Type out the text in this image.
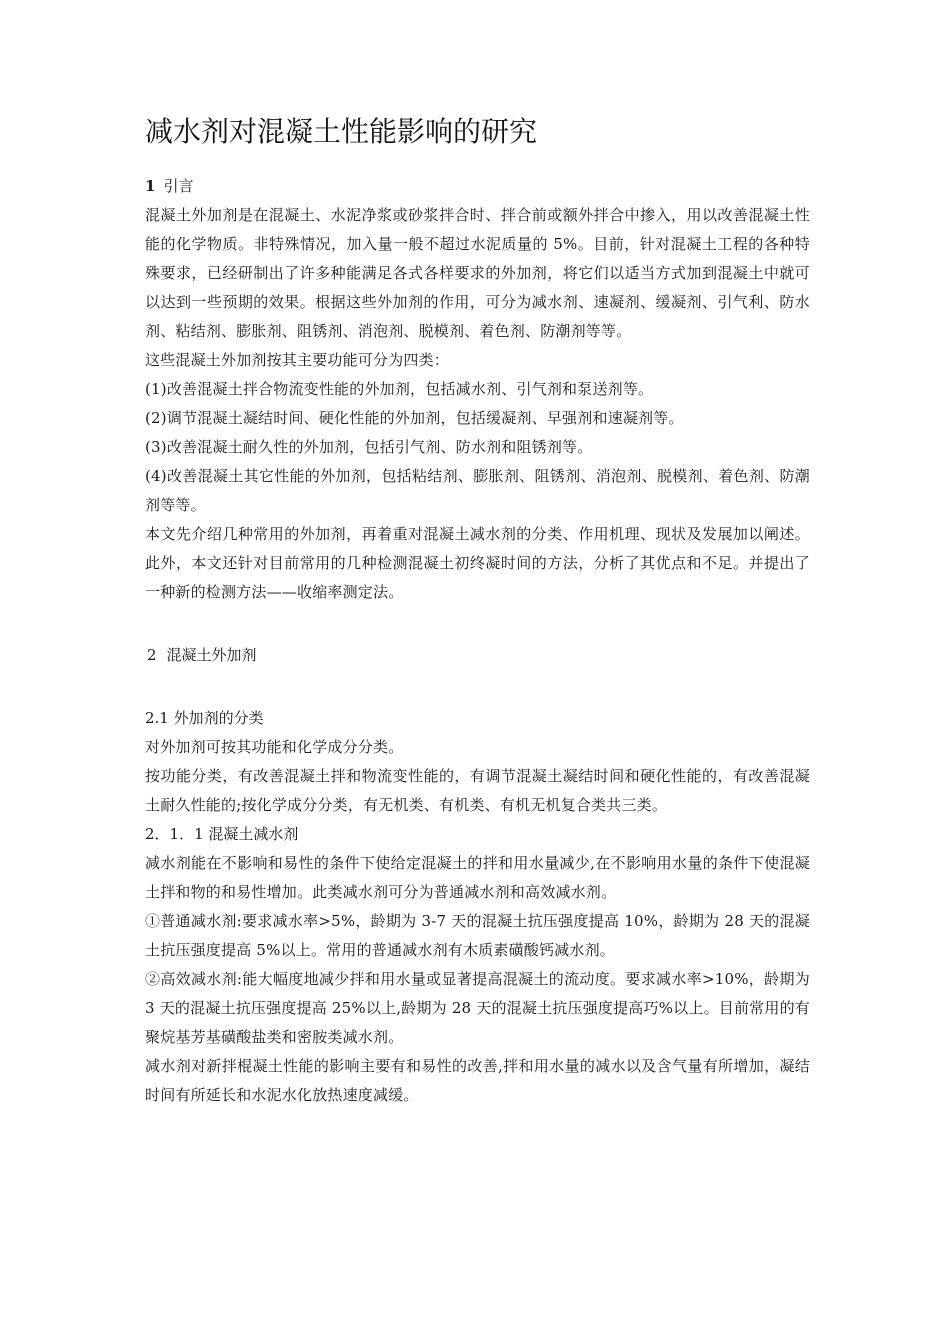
减水剂对混凝土性能影响的研究
1 引言

混凝土外加剂是在混凝土、水泥净浆或砂浆拌合时、拌合前或额外拌合中掺入，用以改善混凝土性能的化学物质。非特殊情况，加入量一般不超过水泥质量的 5%。目前，针对混凝土工程的各种特殊要求，已经研制出了许多种能满足各式各样要求的外加剂，将它们以适当方式加到混凝土中就可以达到一些预期的效果。根据这些外加剂的作用，可分为减水剂、速凝剂、缓凝剂、引气利、防水剂、粘结剂、膨胀剂、阻锈剂、消泡剂、脱模剂、着色剂、防潮剂等等。

这些混凝土外加剂按其主要功能可分为四类：

(1)改善混凝土拌合物流变性能的外加剂，包括减水剂、引气剂和泵送剂等。

(2)调节混凝土凝结时间、硬化性能的外加剂，包括缓凝剂、早强剂和速凝剂等。

(3)改善混凝土耐久性的外加剂，包括引气剂、防水剂和阻锈剂等。

(4)改善混凝土其它性能的外加剂，包括粘结剂、膨胀剂、阻锈剂、消泡剂、脱模剂、着色剂、防潮剂等等。

本文先介绍几种常用的外加剂，再着重对混凝土减水剂的分类、作用机理、现状及发展加以阐述。此外，本文还针对目前常用的几种检测混凝土初终凝时间的方法，分析了其优点和不足。并提出了一种新的检测方法——收缩率测定法。

2 混凝土外加剂
2.1 外加剂的分类

对外加剂可按其功能和化学成分分类。

按功能分类，有改善混凝土拌和物流变性能的，有调节混凝土凝结时间和硬化性能的，有改善混凝土耐久性能的;按化学成分分类，有无机类、有机类、有机无机复合类共三类。

2．1．1 混凝土减水剂

减水剂能在不影响和易性的条件下使给定混凝土的拌和用水量减少,在不影响用水量的条件下使混凝土拌和物的和易性增加。此类减水剂可分为普通减水剂和高效减水剂。

①普通减水剂:要求减水率>5%，龄期为 3-7 天的混凝土抗压强度提高 10%，龄期为 28 天的混凝土抗压强度提高 5%以上。常用的普通减水剂有木质素磺酸钙减水剂。

②高效减水剂:能大幅度地减少拌和用水量或显著提高混凝土的流动度。要求减水率>10%，龄期为 3 天的混凝土抗压强度提高 25%以上,龄期为 28 天的混凝土抗压强度提高巧%以上。目前常用的有聚烷基芳基磺酸盐类和密胺类减水剂。

减水剂对新拌棍凝土性能的影响主要有和易性的改善,拌和用水量的减水以及含气量有所增加，凝结时间有所延长和水泥水化放热速度减缓。
